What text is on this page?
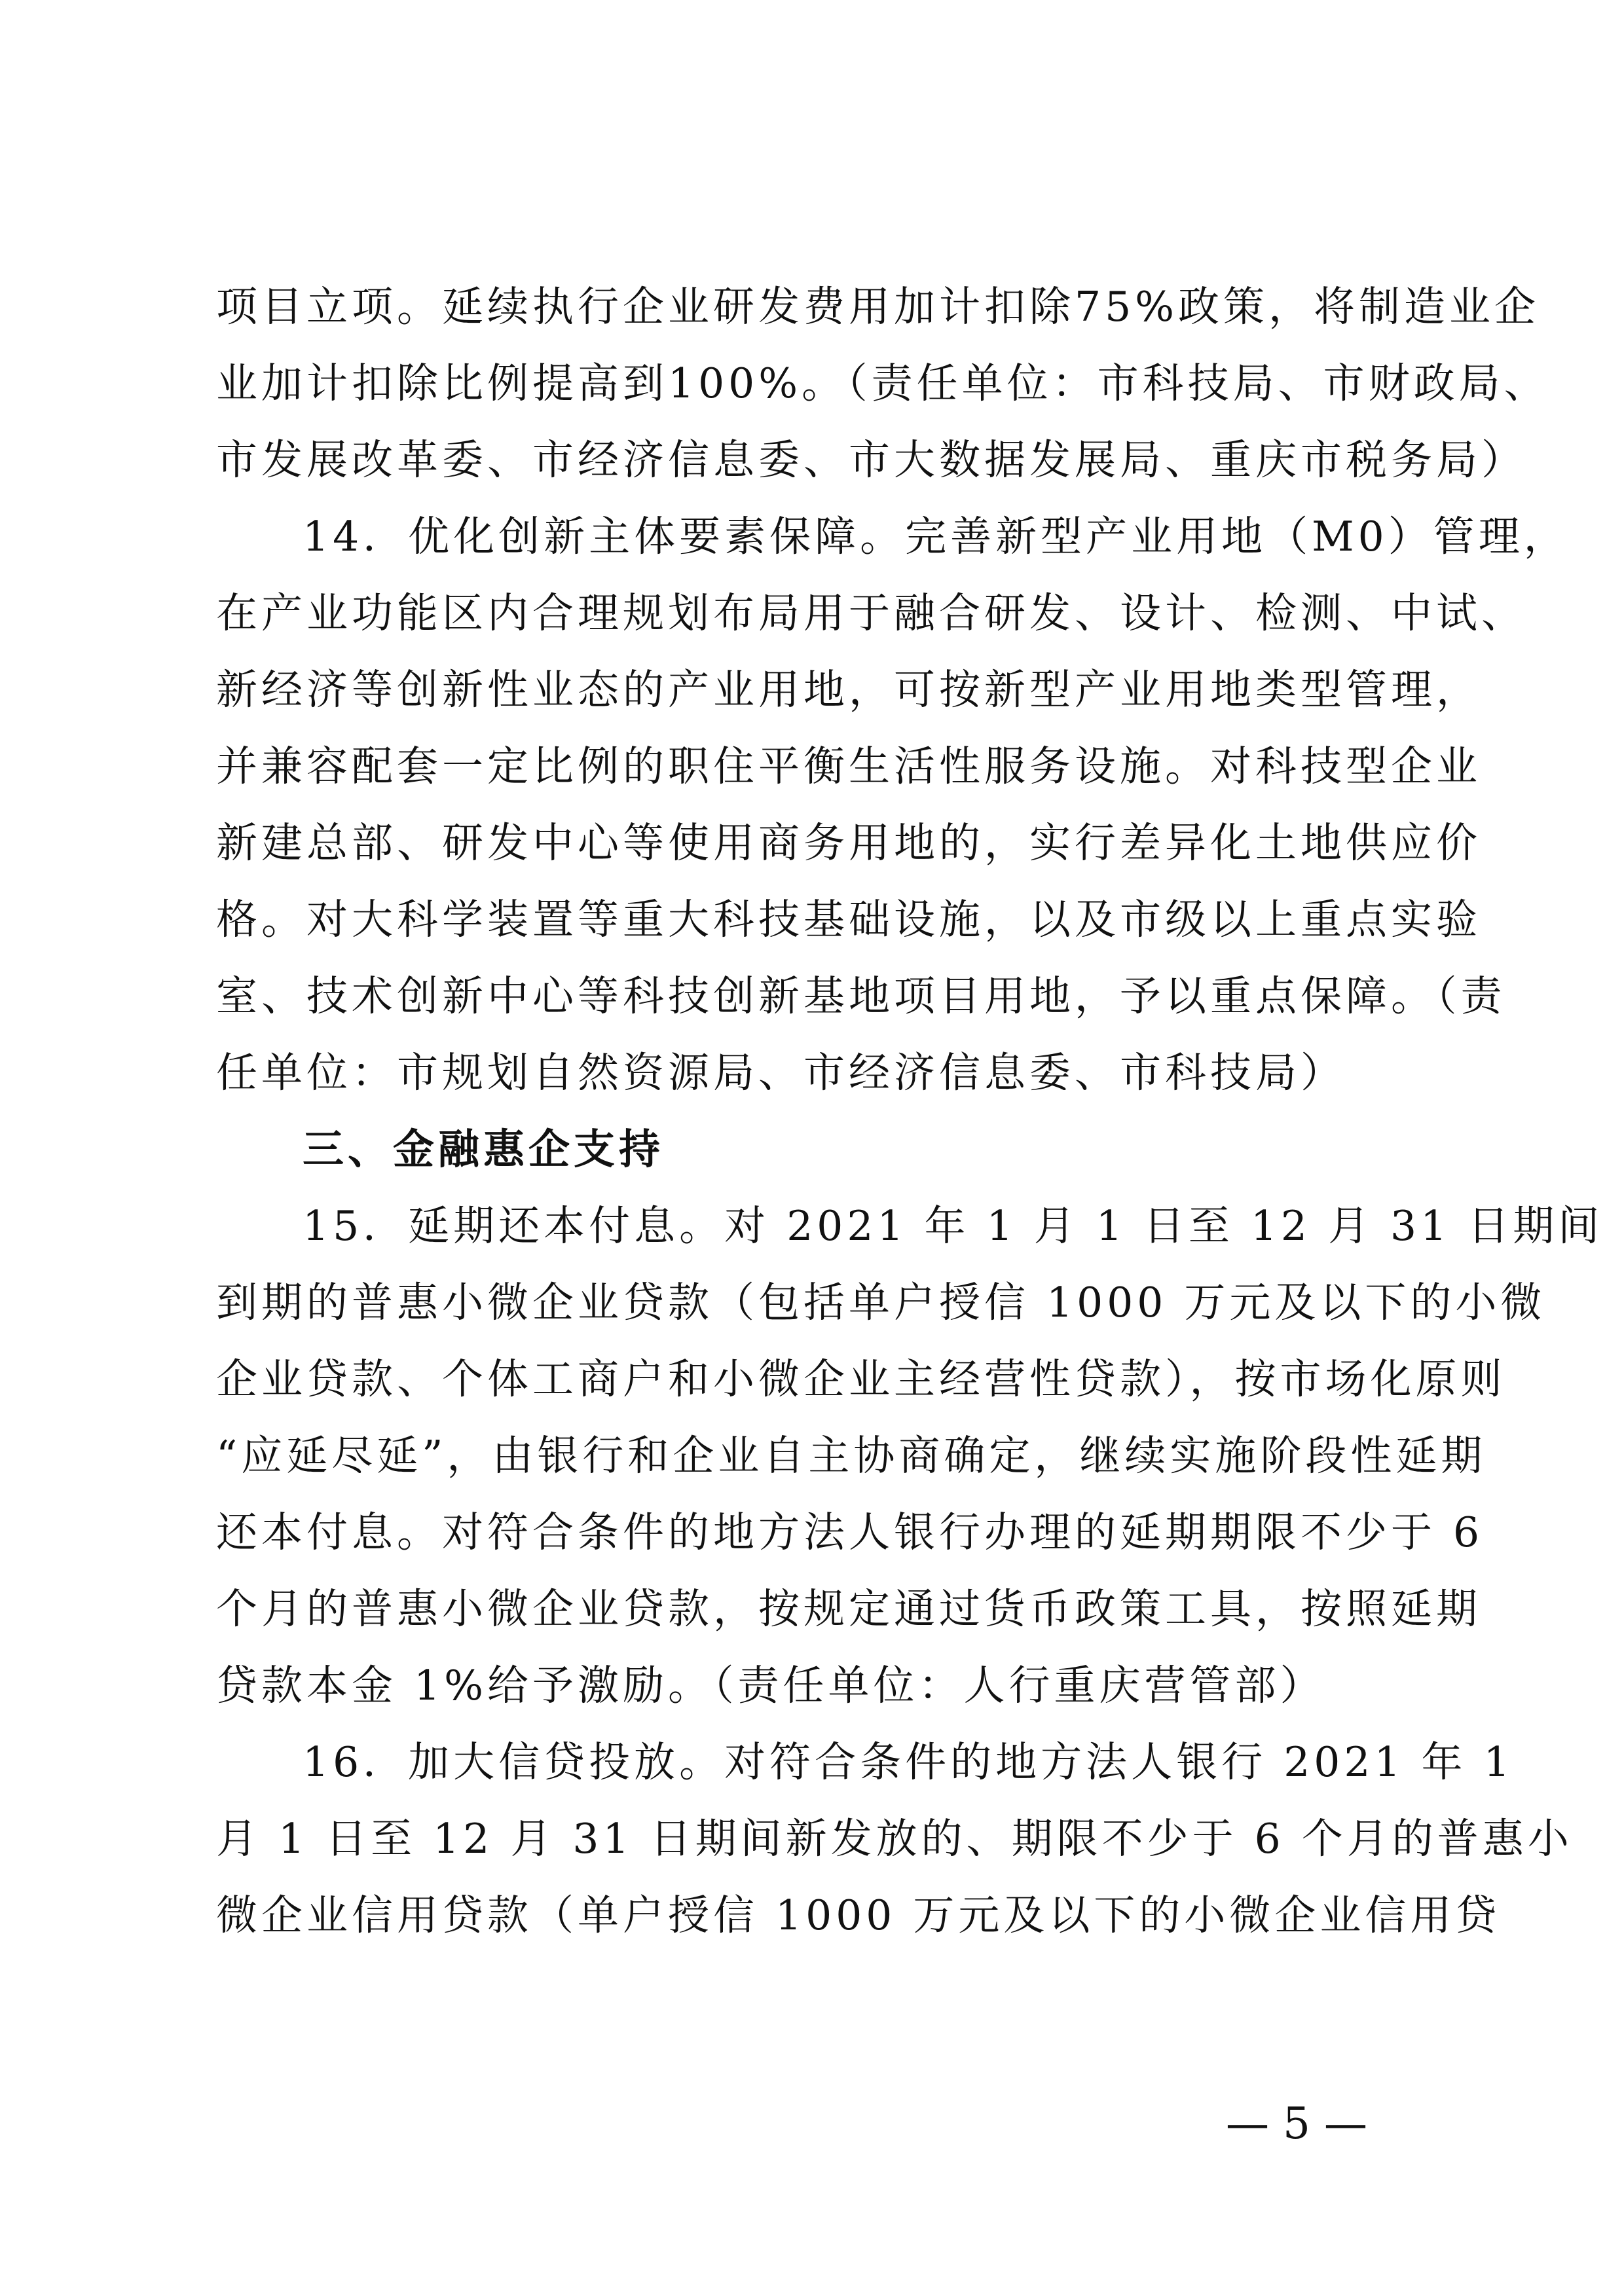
项目立项。延续执行企业研发费用加计扣除75%政策，将制造业企
业加计扣除比例提高到100%。（责任单位：市科技局、市财政局、
市发展改革委、市经济信息委、市大数据发展局、重庆市税务局）
14．优化创新主体要素保障。完善新型产业用地（M0）管理，
在产业功能区内合理规划布局用于融合研发、设计、检测、中试、
新经济等创新性业态的产业用地，可按新型产业用地类型管理，
并兼容配套一定比例的职住平衡生活性服务设施。对科技型企业
新建总部、研发中心等使用商务用地的，实行差异化土地供应价
格。对大科学装置等重大科技基础设施，以及市级以上重点实验
室、技术创新中心等科技创新基地项目用地，予以重点保障。（责
任单位：市规划自然资源局、市经济信息委、市科技局）
三、金融惠企支持
15．延期还本付息。对 2021 年 1 月 1 日至 12 月 31 日期间
到期的普惠小微企业贷款（包括单户授信 1000 万元及以下的小微
企业贷款、个体工商户和小微企业主经营性贷款），按市场化原则
“应延尽延”，由银行和企业自主协商确定，继续实施阶段性延期
还本付息。对符合条件的地方法人银行办理的延期期限不少于 6
个月的普惠小微企业贷款，按规定通过货币政策工具，按照延期
贷款本金 1%给予激励。（责任单位：人行重庆营管部）
16．加大信贷投放。对符合条件的地方法人银行 2021 年 1
月 1 日至 12 月 31 日期间新发放的、期限不少于 6 个月的普惠小
微企业信用贷款（单户授信 1000 万元及以下的小微企业信用贷
— 5 —
